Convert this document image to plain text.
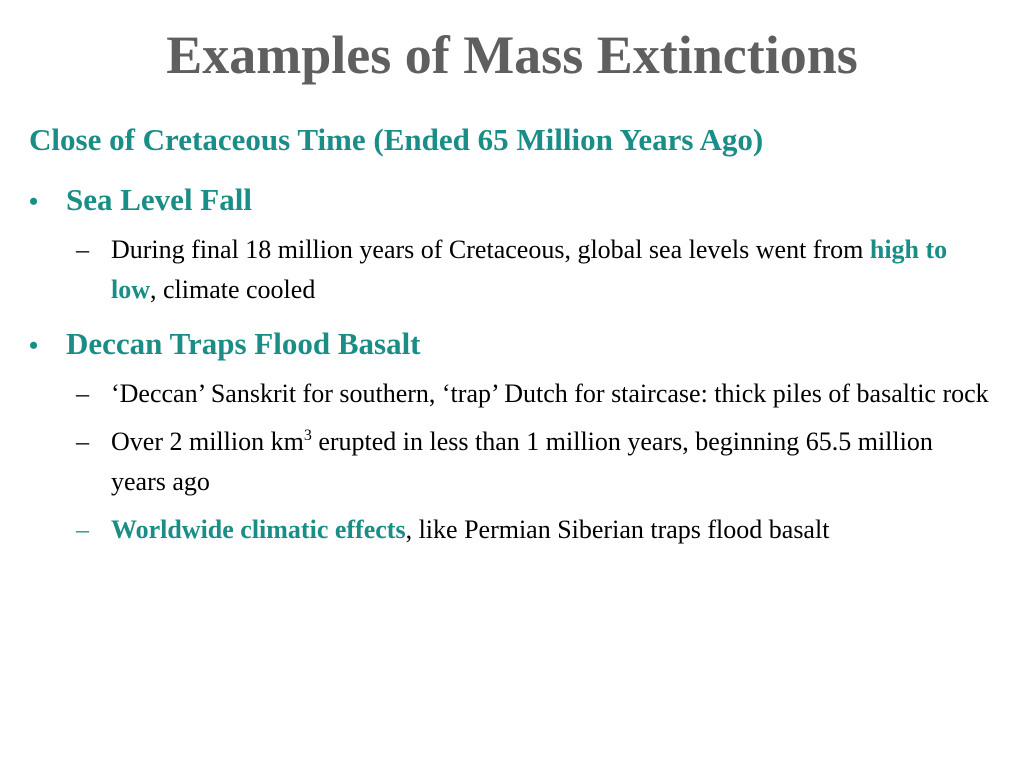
Examples of Mass Extinctions
Close of Cretaceous Time (Ended 65 Million Years Ago)
• Sea Level Fall
– During final 18 million years of Cretaceous, global sea levels went from high to low, climate cooled
• Deccan Traps Flood Basalt
– ‘Deccan’ Sanskrit for southern, ‘trap’ Dutch for staircase: thick piles of basaltic rock
– Over 2 million $km^3$ erupted in less than 1 million years, beginning 65.5 million years ago
– Worldwide climatic effects, like Permian Siberian traps flood basalt
